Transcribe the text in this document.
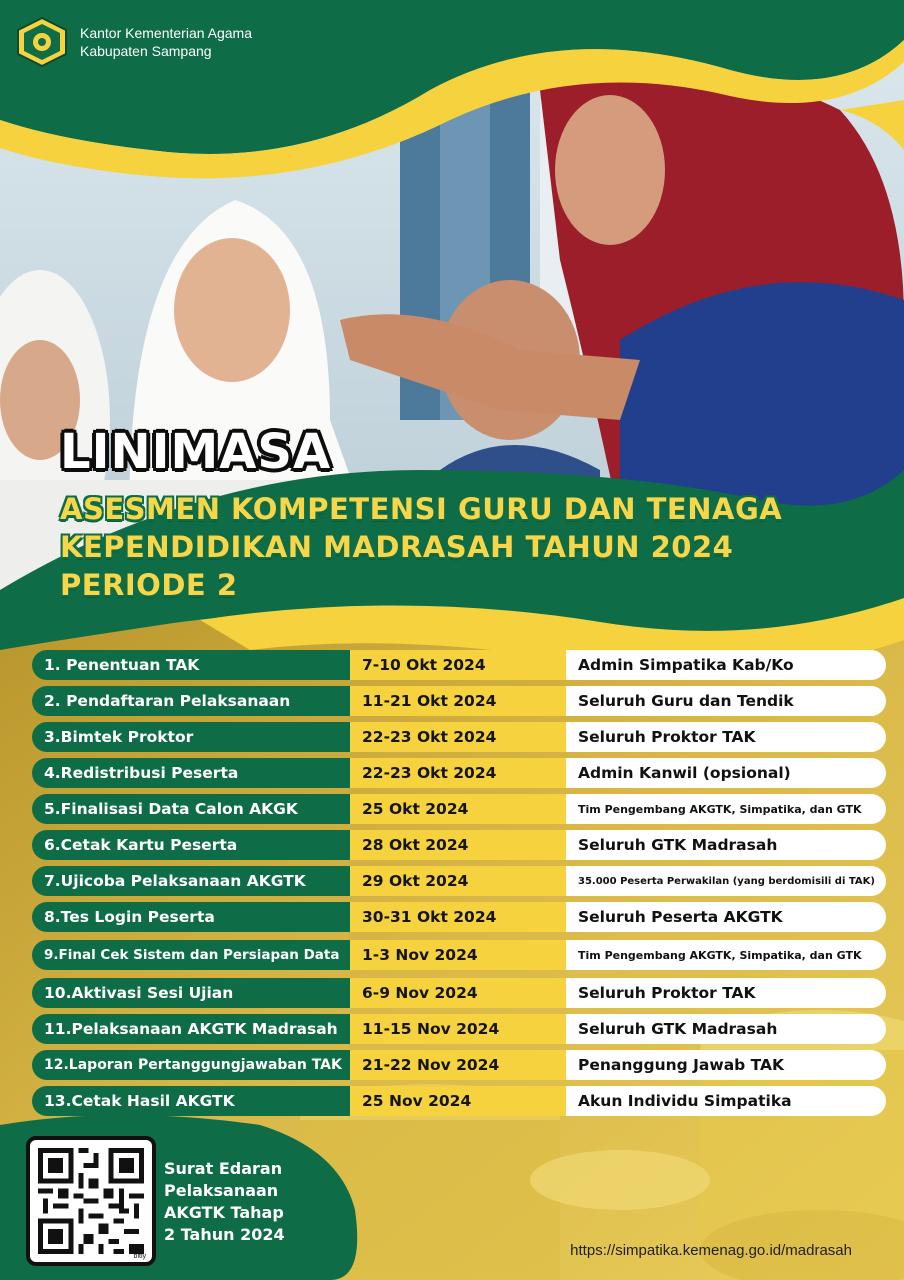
Kantor Kementerian Agama
Kabupaten Sampang
LINIMASA
ASESMEN KOMPETENSI GURU DAN TENAGA
KEPENDIDIKAN MADRASAH TAHUN 2024
PERIODE 2
1. Penentuan TAK	7-10 Okt 2024	Admin Simpatika Kab/Ko
2. Pendaftaran Pelaksanaan	11-21 Okt 2024	Seluruh Guru dan Tendik
3.Bimtek Proktor	22-23 Okt 2024	Seluruh Proktor TAK
4.Redistribusi Peserta	22-23 Okt 2024	Admin Kanwil (opsional)
5.Finalisasi Data Calon AKGK	25 Okt 2024	Tim Pengembang AKGTK, Simpatika, dan GTK
6.Cetak Kartu Peserta	28 Okt 2024	Seluruh GTK Madrasah
7.Ujicoba Pelaksanaan AKGTK	29 Okt 2024	35.000 Peserta Perwakilan (yang berdomisili di TAK)
8.Tes Login Peserta	30-31 Okt 2024	Seluruh Peserta AKGTK
9.Final Cek Sistem dan Persiapan Data	1-3 Nov 2024	Tim Pengembang AKGTK, Simpatika, dan GTK
10.Aktivasi Sesi Ujian	6-9 Nov 2024	Seluruh Proktor TAK
11.Pelaksanaan AKGTK Madrasah	11-15 Nov 2024	Seluruh GTK Madrasah
12.Laporan Pertanggungjawaban TAK	21-22 Nov 2024	Penanggung Jawab TAK
13.Cetak Hasil AKGTK	25 Nov 2024	Akun Individu Simpatika
bitly
Surat Edaran
Pelaksanaan
AKGTK Tahap
2 Tahun 2024
https://simpatika.kemenag.go.id/madrasah
